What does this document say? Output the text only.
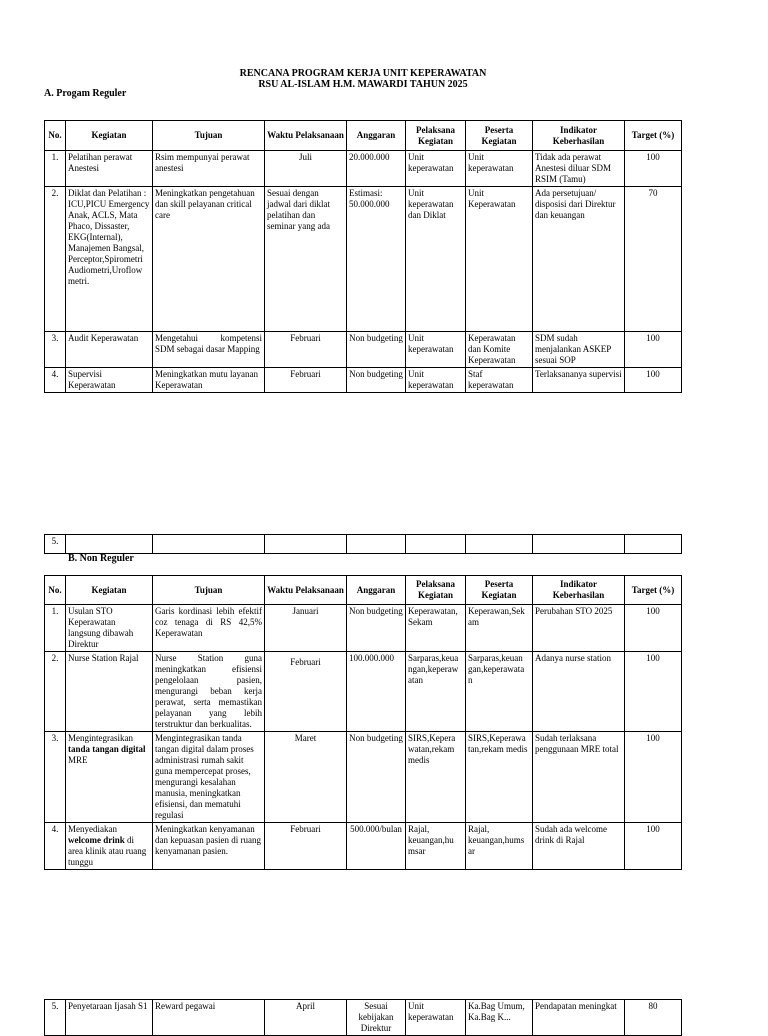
RENCANA PROGRAM KERJA UNIT KEPERAWATAN
RSU AL-ISLAM H.M. MAWARDI TAHUN 2025
A. Progam Reguler
No.	Kegiatan	Tujuan	Waktu Pelaksanaan	Anggaran	Pelaksana Kegiatan	Peserta Kegiatan	Indikator Keberhasilan	Target (%)
1.	Pelatihan perawat Anestesi	Rsim mempunyai perawat anestesi	Juli	20.000.000	Unit keperawatan	Unit keperawatan	Tidak ada perawat Anestesi diluar SDM RSIM (Tamu)	100
2.	Diklat dan Pelatihan : ICU,PICU Emergency Anak, ACLS, Mata Phaco, Dissaster, EKG(Internal), Manajemen Bangsal, Perceptor,Spirometri Audiometri,Uroflow metri.	Meningkatkan pengetahuan dan skill pelayanan critical care	Sesuai dengan jadwal dari diklat pelatihan dan seminar yang ada	Estimasi: 50.000.000	Unit keperawatan dan Diklat	Unit Keperawatan	Ada persetujuan/ disposisi dari Direktur dan keuangan	70
3.	Audit Keperawatan	Mengetahui kompetensi SDM sebagai dasar Mapping	Februari	Non budgeting	Unit keperawatan	Keperawatan dan Komite Keperawatan	SDM sudah menjalankan ASKEP sesuai SOP	100
4.	Supervisi Keperawatan	Meningkatkan mutu layanan Keperawatan	Februari	Non budgeting	Unit keperawatan	Staf keperawatan	Terlaksananya supervisi	100
5.								
B. Non Reguler
No.	Kegiatan	Tujuan	Waktu Pelaksanaan	Anggaran	Pelaksana Kegiatan	Peserta Kegiatan	Indikator Keberhasilan	Target (%)
1.	Usulan STO Keperawatan langsung dibawah Direktur	Garis kordinasi lebih efektif coz tenaga di RS 42,5% Keperawatan	Januari	Non budgeting	Keperawatan, Sekam	Keperawan,Sek am	Perubahan STO 2025	100
2.	Nurse Station Rajal	Nurse Station guna meningkatkan efisiensi pengelolaan pasien, mengurangi beban kerja perawat, serta memastikan pelayanan yang lebih terstruktur dan berkualitas.	Februari	100.000.000	Sarparas,keua ngan,keperaw atan	Sarparas,keuan gan,keperawata n	Adanya nurse station	100
3.	Mengintegrasikan tanda tangan digital MRE	Mengintegrasikan tanda tangan digital dalam proses administrasi rumah sakit guna mempercepat proses, mengurangi kesalahan manusia, meningkatkan efisiensi, dan mematuhi regulasi	Maret	Non budgeting	SIRS,Kepera watan,rekam medis	SIRS,Keperawa tan,rekam medis	Sudah terlaksana penggunaan MRE total	100
4.	Menyediakan welcome drink di area klinik atau ruang tunggu	Meningkatkan kenyamanan dan kepuasan pasien di ruang kenyamanan pasien.	Februari	500.000/bulan	Rajal, keuangan,hu msar	Rajal, keuangan,hums ar	Sudah ada welcome drink di Rajal	100
5.	Penyetaraan Ijasah S1	Reward pegawai	April	Sesuai kebijakan Direktur	Unit keperawatan	Ka.Bag Umum, Ka.Bag K...	Pendapatan meningkat	80
